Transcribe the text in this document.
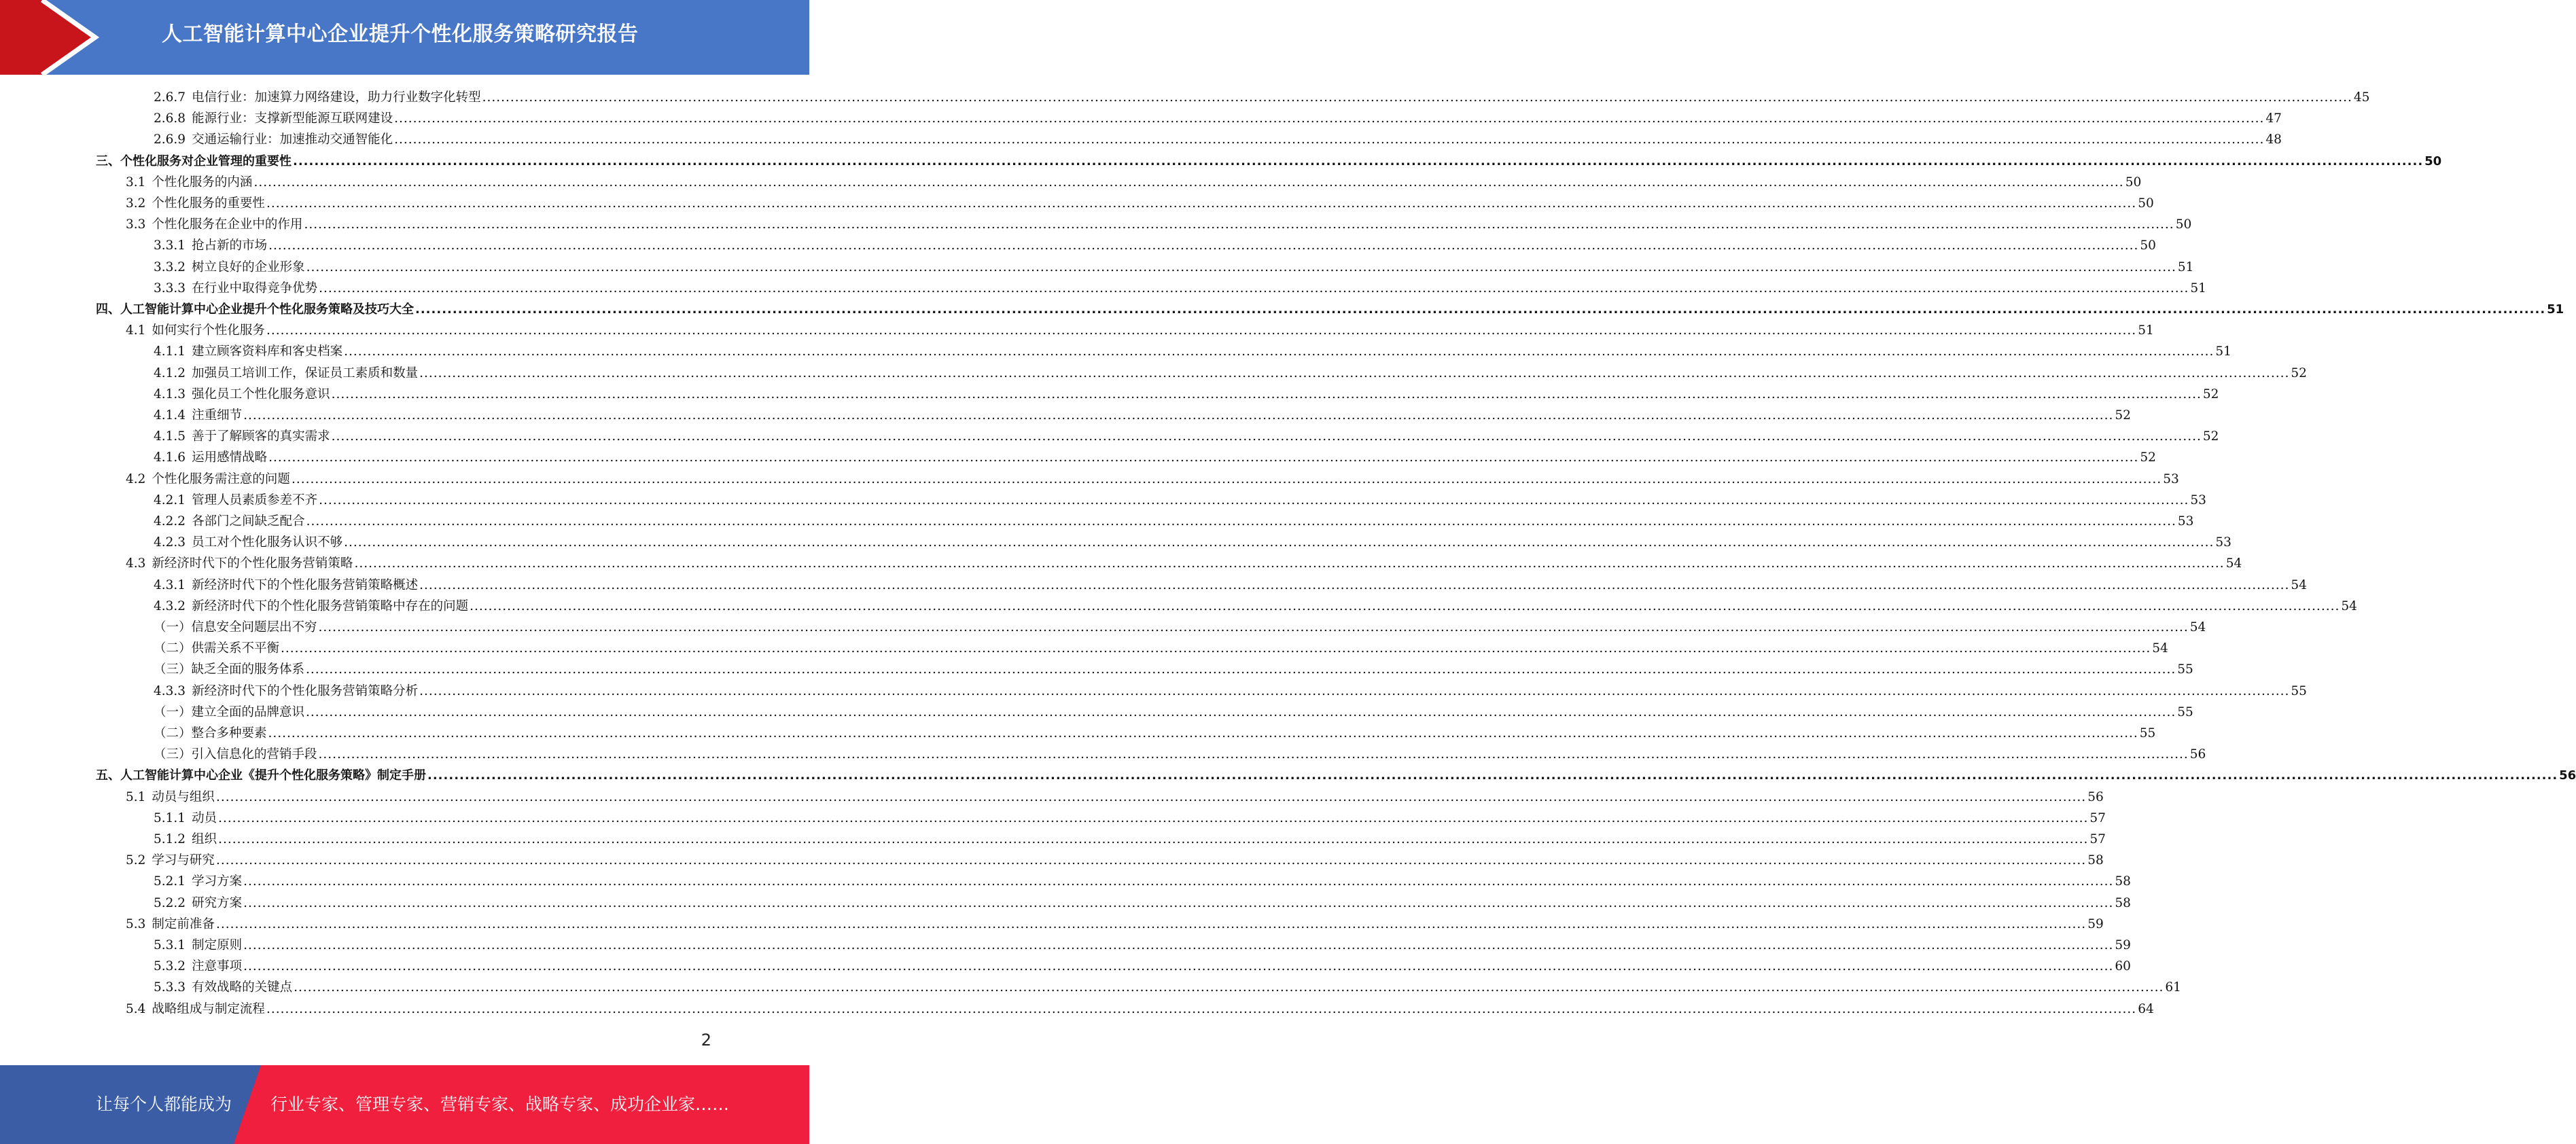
人工智能计算中心企业提升个性化服务策略研究报告
2.6.7 电信行业：加速算力网络建设，助力行业数字化转型 ................................................................................................................................................................................................................................................................................................................................................................................................................ 45
2.6.8 能源行业：支撑新型能源互联网建设 ................................................................................................................................................................................................................................................................................................................................................................................................................ 47
2.6.9 交通运输行业：加速推动交通智能化 ................................................................................................................................................................................................................................................................................................................................................................................................................ 48
三、个性化服务对企业管理的重要性 ................................................................................................................................................................................................................................................................................................................................................................................................................ 50
3.1 个性化服务的内涵 ................................................................................................................................................................................................................................................................................................................................................................................................................ 50
3.2 个性化服务的重要性 ................................................................................................................................................................................................................................................................................................................................................................................................................ 50
3.3 个性化服务在企业中的作用 ................................................................................................................................................................................................................................................................................................................................................................................................................ 50
3.3.1 抢占新的市场 ................................................................................................................................................................................................................................................................................................................................................................................................................ 50
3.3.2 树立良好的企业形象 ................................................................................................................................................................................................................................................................................................................................................................................................................ 51
3.3.3 在行业中取得竞争优势 ................................................................................................................................................................................................................................................................................................................................................................................................................ 51
四、人工智能计算中心企业提升个性化服务策略及技巧大全 ................................................................................................................................................................................................................................................................................................................................................................................................................ 51
4.1 如何实行个性化服务 ................................................................................................................................................................................................................................................................................................................................................................................................................ 51
4.1.1 建立顾客资料库和客史档案 ................................................................................................................................................................................................................................................................................................................................................................................................................ 51
4.1.2 加强员工培训工作，保证员工素质和数量 ................................................................................................................................................................................................................................................................................................................................................................................................................ 52
4.1.3 强化员工个性化服务意识 ................................................................................................................................................................................................................................................................................................................................................................................................................ 52
4.1.4 注重细节 ................................................................................................................................................................................................................................................................................................................................................................................................................ 52
4.1.5 善于了解顾客的真实需求 ................................................................................................................................................................................................................................................................................................................................................................................................................ 52
4.1.6 运用感情战略 ................................................................................................................................................................................................................................................................................................................................................................................................................ 52
4.2 个性化服务需注意的问题 ................................................................................................................................................................................................................................................................................................................................................................................................................ 53
4.2.1 管理人员素质参差不齐 ................................................................................................................................................................................................................................................................................................................................................................................................................ 53
4.2.2 各部门之间缺乏配合 ................................................................................................................................................................................................................................................................................................................................................................................................................ 53
4.2.3 员工对个性化服务认识不够 ................................................................................................................................................................................................................................................................................................................................................................................................................ 53
4.3 新经济时代下的个性化服务营销策略 ................................................................................................................................................................................................................................................................................................................................................................................................................ 54
4.3.1 新经济时代下的个性化服务营销策略概述 ................................................................................................................................................................................................................................................................................................................................................................................................................ 54
4.3.2 新经济时代下的个性化服务营销策略中存在的问题 ................................................................................................................................................................................................................................................................................................................................................................................................................ 54
（一）信息安全问题层出不穷 ................................................................................................................................................................................................................................................................................................................................................................................................................ 54
（二）供需关系不平衡 ................................................................................................................................................................................................................................................................................................................................................................................................................ 54
（三）缺乏全面的服务体系 ................................................................................................................................................................................................................................................................................................................................................................................................................ 55
4.3.3 新经济时代下的个性化服务营销策略分析 ................................................................................................................................................................................................................................................................................................................................................................................................................ 55
（一）建立全面的品牌意识 ................................................................................................................................................................................................................................................................................................................................................................................................................ 55
（二）整合多种要素 ................................................................................................................................................................................................................................................................................................................................................................................................................ 55
（三）引入信息化的营销手段 ................................................................................................................................................................................................................................................................................................................................................................................................................ 56
五、人工智能计算中心企业《提升个性化服务策略》制定手册 ................................................................................................................................................................................................................................................................................................................................................................................................................ 56
5.1 动员与组织 ................................................................................................................................................................................................................................................................................................................................................................................................................ 56
5.1.1 动员 ................................................................................................................................................................................................................................................................................................................................................................................................................ 57
5.1.2 组织 ................................................................................................................................................................................................................................................................................................................................................................................................................ 57
5.2 学习与研究 ................................................................................................................................................................................................................................................................................................................................................................................................................ 58
5.2.1 学习方案 ................................................................................................................................................................................................................................................................................................................................................................................................................ 58
5.2.2 研究方案 ................................................................................................................................................................................................................................................................................................................................................................................................................ 58
5.3 制定前准备 ................................................................................................................................................................................................................................................................................................................................................................................................................ 59
5.3.1 制定原则 ................................................................................................................................................................................................................................................................................................................................................................................................................ 59
5.3.2 注意事项 ................................................................................................................................................................................................................................................................................................................................................................................................................ 60
5.3.3 有效战略的关键点 ................................................................................................................................................................................................................................................................................................................................................................................................................ 61
5.4 战略组成与制定流程 ................................................................................................................................................................................................................................................................................................................................................................................................................ 64
2
让每个人都能成为 行业专家、管理专家、营销专家、战略专家、成功企业家……
